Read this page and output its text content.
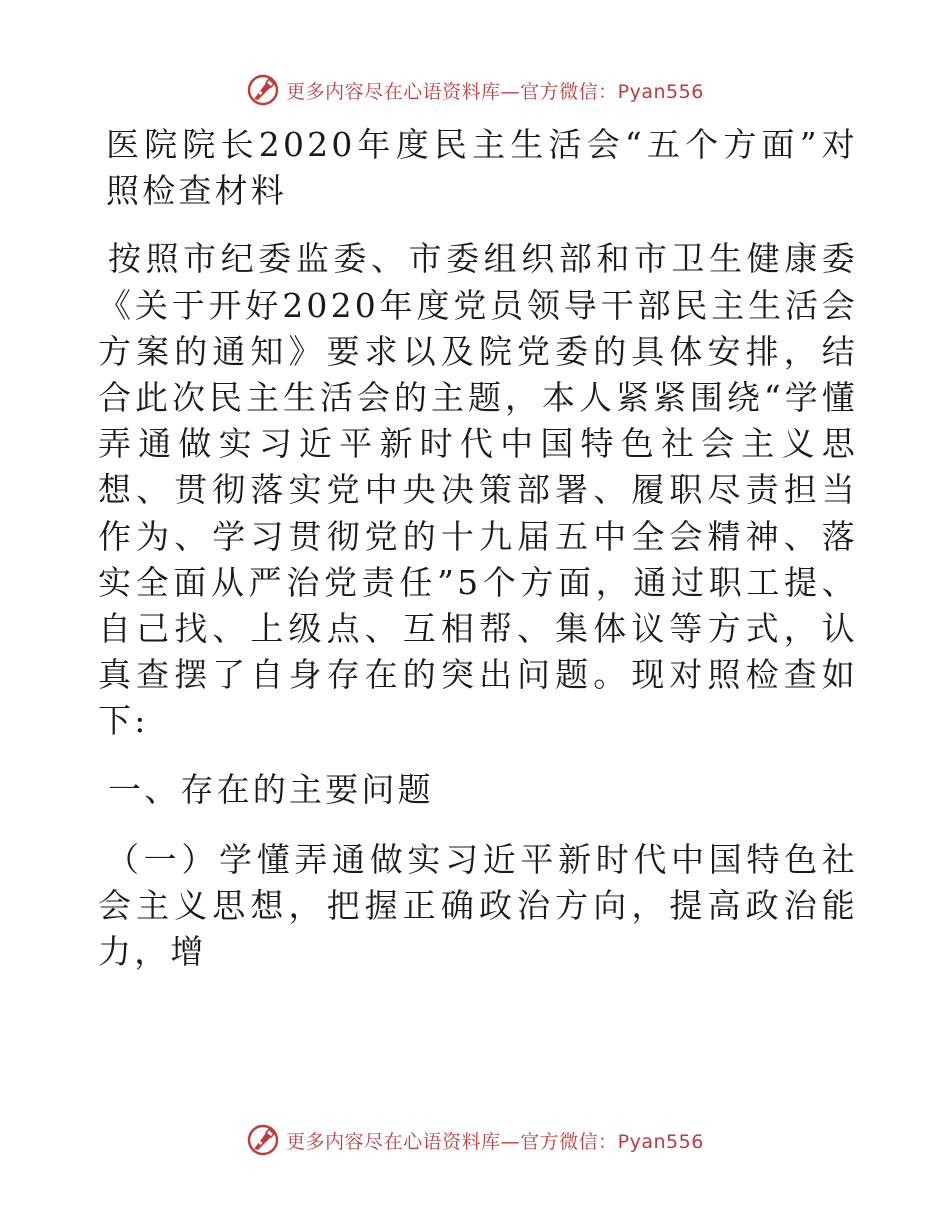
更多内容尽在心语资料库—官方微信：Pyan556

医院院长2020年度民主生活会“五个方面”对照检查材料

按照市纪委监委、市委组织部和市卫生健康委《关于开好2020年度党员领导干部民主生活会方案的通知》要求以及院党委的具体安排，结合此次民主生活会的主题，本人紧紧围绕“学懂弄通做实习近平新时代中国特色社会主义思想、贯彻落实党中央决策部署、履职尽责担当作为、学习贯彻党的十九届五中全会精神、落实全面从严治党责任”5个方面，通过职工提、自己找、上级点、互相帮、集体议等方式，认真查摆了自身存在的突出问题。现对照检查如下:

一、存在的主要问题

（一）学懂弄通做实习近平新时代中国特色社会主义思想，把握正确政治方向，提高政治能力，增

更多内容尽在心语资料库—官方微信：Pyan556
